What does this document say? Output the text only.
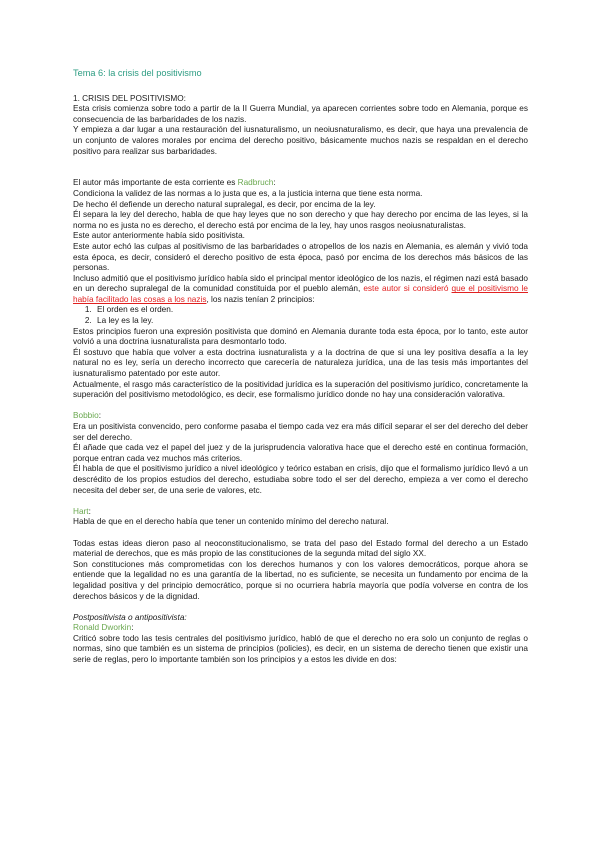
Tema 6: la crisis del positivismo

1. CRISIS DEL POSITIVISMO:

Esta crisis comienza sobre todo a partir de la II Guerra Mundial, ya aparecen corrientes sobre todo en Alemania, porque es consecuencia de las barbaridades de los nazis.

Y empieza a dar lugar a una restauración del iusnaturalismo, un neoiusnaturalismo, es decir, que haya una prevalencia de un conjunto de valores morales por encima del derecho positivo, básicamente muchos nazis se respaldan en el derecho positivo para realizar sus barbaridades.

El autor más importante de esta corriente es Radbruch:

Condiciona la validez de las normas a lo justa que es, a la justicia interna que tiene esta norma.

De hecho él defiende un derecho natural supralegal, es decir, por encima de la ley.

Él separa la ley del derecho, habla de que hay leyes que no son derecho y que hay derecho por encima de las leyes, si la norma no es justa no es derecho, el derecho está por encima de la ley, hay unos rasgos neoiusnaturalistas.

Este autor anteriormente había sido positivista.

Este autor echó las culpas al positivismo de las barbaridades o atropellos de los nazis en Alemania, es alemán y vivió toda esta época, es decir, consideró el derecho positivo de esta época, pasó por encima de los derechos más básicos de las personas.

Incluso admitió que el positivismo jurídico había sido el principal mentor ideológico de los nazis, el régimen nazi está basado en un derecho supralegal de la comunidad constituida por el pueblo alemán, este autor si consideró que el positivismo le había facilitado las cosas a los nazis, los nazis tenían 2 principios:

1. El orden es el orden.
2. La ley es la ley.

Estos principios fueron una expresión positivista que dominó en Alemania durante toda esta época, por lo tanto, este autor volvió a una doctrina iusnaturalista para desmontarlo todo.

Él sostuvo que había que volver a esta doctrina iusnaturalista y a la doctrina de que si una ley positiva desafía a la ley natural no es ley, sería un derecho incorrecto que carecería de naturaleza jurídica, una de las tesis más importantes del iusnaturalismo patentado por este autor.

Actualmente, el rasgo más característico de la positividad jurídica es la superación del positivismo jurídico, concretamente la superación del positivismo metodológico, es decir, ese formalismo jurídico donde no hay una consideración valorativa.

Bobbio:

Era un positivista convencido, pero conforme pasaba el tiempo cada vez era más difícil separar el ser del derecho del deber ser del derecho.

Él añade que cada vez el papel del juez y de la jurisprudencia valorativa hace que el derecho esté en continua formación, porque entran cada vez muchos más criterios.

Él habla de que el positivismo jurídico a nivel ideológico y teórico estaban en crisis, dijo que el formalismo jurídico llevó a un descrédito de los propios estudios del derecho, estudiaba sobre todo el ser del derecho, empieza a ver como el derecho necesita del deber ser, de una serie de valores, etc.

Hart:

Habla de que en el derecho había que tener un contenido mínimo del derecho natural.

Todas estas ideas dieron paso al neoconstitucionalismo, se trata del paso del Estado formal del derecho a un Estado material de derechos, que es más propio de las constituciones de la segunda mitad del siglo XX.

Son constituciones más comprometidas con los derechos humanos y con los valores democráticos, porque ahora se entiende que la legalidad no es una garantía de la libertad, no es suficiente, se necesita un fundamento por encima de la legalidad positiva y del principio democrático, porque si no ocurriera habría mayoría que podía volverse en contra de los derechos básicos y de la dignidad.

Postpositivista o antipositivista:

Ronald Dworkin:

Criticó sobre todo las tesis centrales del positivismo jurídico, habló de que el derecho no era solo un conjunto de reglas o normas, sino que también es un sistema de principios (policies), es decir, en un sistema de derecho tienen que existir una serie de reglas, pero lo importante también son los principios y a estos les divide en dos:
